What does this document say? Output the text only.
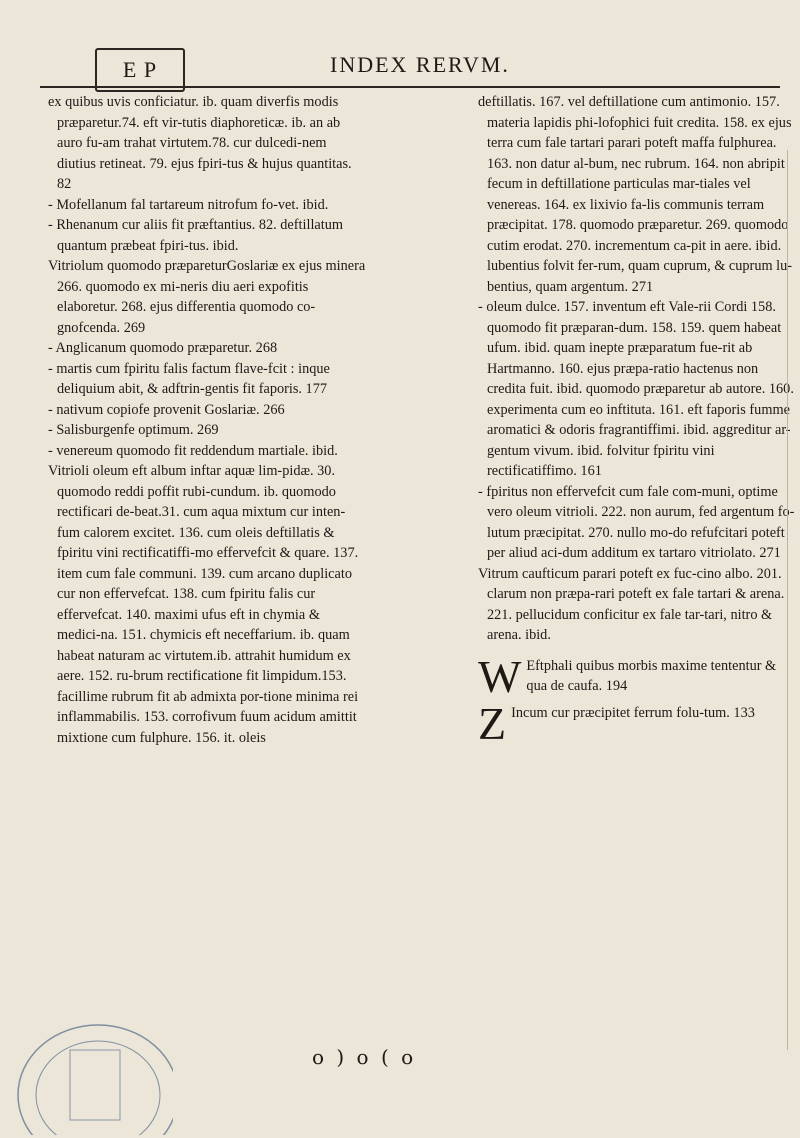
E P	INDEX RERVM.

ex quibus uvis conficiatur. ib. quam diverfis modis præparetur.74. eft vir-tutis diaphoreticæ. ib. an ab auro fu-am trahat virtutem.78. cur dulcedi-nem diutius retineat. 79. ejus fpiri-tus & hujus quantitas. 82

- Mofellanum fal tartareum nitrofum fo-vet. ibid.

- Rhenanum cur aliis fit præftantius. 82. deftillatum quantum præbeat fpiri-tus. ibid.

Vitriolum quomodo præpareturGoslariæ ex ejus minera 266. quomodo ex mi-neris diu aeri expofitis elaboretur. 268. ejus differentia quomodo co-gnofcenda. 269

- Anglicanum quomodo præparetur. 268

- martis cum fpiritu falis factum flave-fcit : inque deliquium abit, & adftrin-gentis fit faporis. 177

- nativum copiofe provenit Goslariæ. 266

- Salisburgenfe optimum. 269

- venereum quomodo fit reddendum martiale. ibid.

Vitrioli oleum eft album inftar aquæ lim-pidæ. 30. quomodo reddi poffit rubi-cundum. ib. quomodo rectificari de-beat.31. cum aqua mixtum cur inten-fum calorem excitet. 136. cum oleis deftillatis & fpiritu vini rectificatiffi-mo effervefcit & quare. 137. item cum fale communi. 139. cum arcano duplicato cur non effervefcat. 138. cum fpiritu falis cur effervefcat. 140. maximi ufus eft in chymia & medici-na. 151. chymicis eft neceffarium. ib. quam habeat naturam ac virtutem.ib. attrahit humidum ex aere. 152. ru-brum rectificatione fit limpidum.153. facillime rubrum fit ab admixta por-tione minima rei inflammabilis. 153. corrofivum fuum acidum amittit mixtione cum fulphure. 156. it. oleis

deftillatis. 167. vel deftillatione cum antimonio. 157. materia lapidis phi-lofophici fuit credita. 158. ex ejus terra cum fale tartari parari poteft maffa fulphurea. 163. non datur al-bum, nec rubrum. 164. non abripit fecum in deftillatione particulas mar-tiales vel venereas. 164. ex lixivio fa-lis communis terram præcipitat. 178. quomodo præparetur. 269. quomodo cutim erodat. 270. incrementum ca-pit in aere. ibid. lubentius folvit fer-rum, quam cuprum, & cuprum lu-bentius, quam argentum. 271

- oleum dulce. 157. inventum eft Vale-rii Cordi 158. quomodo fit præparan-dum. 158. 159. quem habeat ufum. ibid. quam inepte præparatum fue-rit ab Hartmanno. 160. ejus præpa-ratio hactenus non credita fuit. ibid. quomodo præparetur ab autore. 160. experimenta cum eo inftituta. 161. eft faporis fumme aromatici & odoris fragrantiffimi. ibid. aggreditur ar-gentum vivum. ibid. folvitur fpiritu vini rectificatiffimo. 161

- fpiritus non effervefcit cum fale com-muni, optime vero oleum vitrioli. 222. non aurum, fed argentum fo-lutum præcipitat. 270. nullo mo-do refufcitari poteft per aliud aci-dum additum ex tartaro vitriolato. 271

Vitrum caufticum parari poteft ex fuc-cino albo. 201. clarum non præpa-rari poteft ex fale tartari & arena. 221. pellucidum conficitur ex fale tar-tari, nitro & arena. ibid.

W Eftphali quibus morbis maxime tententur & qua de caufa. 194
Z Incum cur præcipitet ferrum folu-tum. 133
o ) o ( o
